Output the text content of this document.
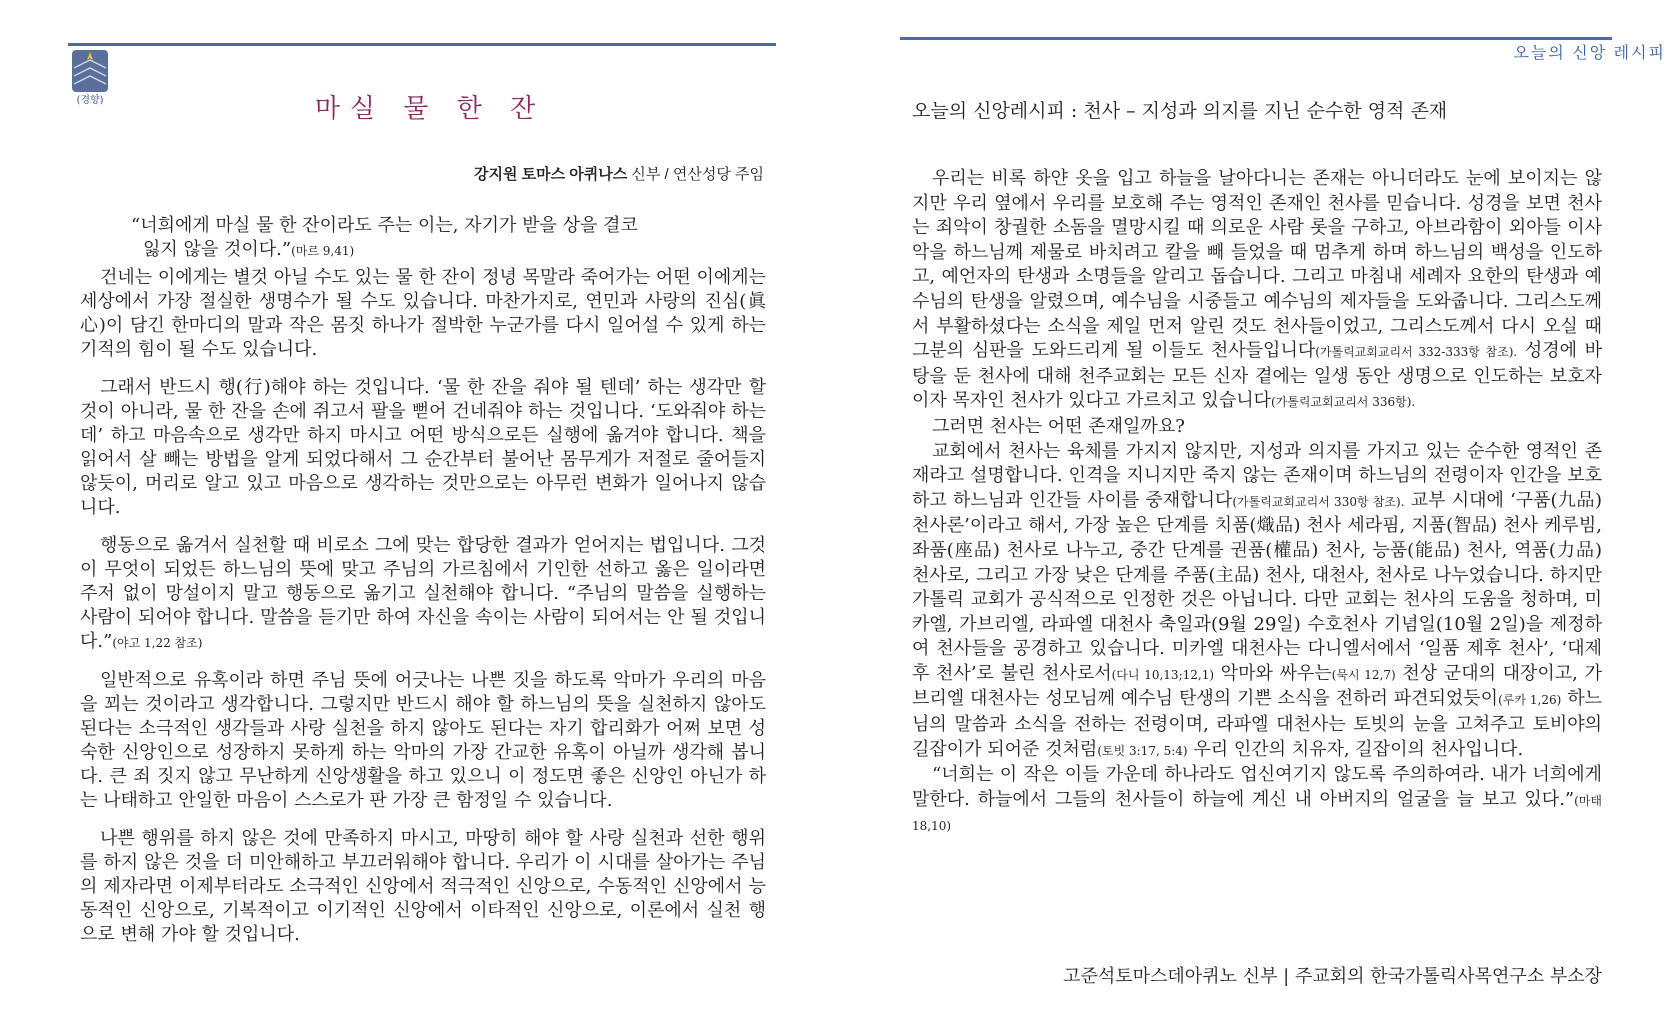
(경향)	마실 물 한 잔
강지원 토마스 아퀴나스 신부 / 연산성당 주임
“너희에게 마실 물 한 잔이라도 주는 이는, 자기가 받을 상을 결코
잃지 않을 것이다.”(마르 9,41)

건네는 이에게는 별것 아닐 수도 있는 물 한 잔이 정녕 목말라 죽어가는 어떤 이에게는 세상에서 가장 절실한 생명수가 될 수도 있습니다. 마찬가지로, 연민과 사랑의 진심(眞心)이 담긴 한마디의 말과 작은 몸짓 하나가 절박한 누군가를 다시 일어설 수 있게 하는 기적의 힘이 될 수도 있습니다.

그래서 반드시 행(行)해야 하는 것입니다. ‘물 한 잔을 줘야 될 텐데’ 하는 생각만 할 것이 아니라, 물 한 잔을 손에 쥐고서 팔을 뻗어 건네줘야 하는 것입니다. ‘도와줘야 하는데’ 하고 마음속으로 생각만 하지 마시고 어떤 방식으로든 실행에 옮겨야 합니다. 책을 읽어서 살 빼는 방법을 알게 되었다해서 그 순간부터 불어난 몸무게가 저절로 줄어들지 않듯이, 머리로 알고 있고 마음으로 생각하는 것만으로는 아무런 변화가 일어나지 않습니다.

행동으로 옮겨서 실천할 때 비로소 그에 맞는 합당한 결과가 얻어지는 법입니다. 그것이 무엇이 되었든 하느님의 뜻에 맞고 주님의 가르침에서 기인한 선하고 옳은 일이라면 주저 없이 망설이지 말고 행동으로 옮기고 실천해야 합니다. “주님의 말씀을 실행하는 사람이 되어야 합니다. 말씀을 듣기만 하여 자신을 속이는 사람이 되어서는 안 될 것입니다.”(야고 1,22 참조)

일반적으로 유혹이라 하면 주님 뜻에 어긋나는 나쁜 짓을 하도록 악마가 우리의 마음을 꾀는 것이라고 생각합니다. 그렇지만 반드시 해야 할 하느님의 뜻을 실천하지 않아도 된다는 소극적인 생각들과 사랑 실천을 하지 않아도 된다는 자기 합리화가 어쩌 보면 성숙한 신앙인으로 성장하지 못하게 하는 악마의 가장 간교한 유혹이 아닐까 생각해 봅니다. 큰 죄 짓지 않고 무난하게 신앙생활을 하고 있으니 이 정도면 좋은 신앙인 아닌가 하는 나태하고 안일한 마음이 스스로가 판 가장 큰 함정일 수 있습니다.

나쁜 행위를 하지 않은 것에 만족하지 마시고, 마땅히 해야 할 사랑 실천과 선한 행위를 하지 않은 것을 더 미안해하고 부끄러워해야 합니다. 우리가 이 시대를 살아가는 주님의 제자라면 이제부터라도 소극적인 신앙에서 적극적인 신앙으로, 수동적인 신앙에서 능동적인 신앙으로, 기복적이고 이기적인 신앙에서 이타적인 신앙으로, 이론에서 실천 행으로 변해 가야 할 것입니다.

오늘의 신앙 레시피
오늘의 신앙레시피 : 천사 – 지성과 의지를 지닌 순수한 영적 존재

우리는 비록 하얀 옷을 입고 하늘을 날아다니는 존재는 아니더라도 눈에 보이지는 않지만 우리 옆에서 우리를 보호해 주는 영적인 존재인 천사를 믿습니다. 성경을 보면 천사는 죄악이 창궐한 소돔을 멸망시킬 때 의로운 사람 롯을 구하고, 아브라함이 외아들 이사악을 하느님께 제물로 바치려고 칼을 빼 들었을 때 멈추게 하며 하느님의 백성을 인도하고, 예언자의 탄생과 소명들을 알리고 돕습니다. 그리고 마침내 세례자 요한의 탄생과 예수님의 탄생을 알렸으며, 예수님을 시중들고 예수님의 제자들을 도와줍니다. 그리스도께서 부활하셨다는 소식을 제일 먼저 알린 것도 천사들이었고, 그리스도께서 다시 오실 때 그분의 심판을 도와드리게 될 이들도 천사들입니다(가톨릭교회교리서 332-333항 참조). 성경에 바탕을 둔 천사에 대해 천주교회는 모든 신자 곁에는 일생 동안 생명으로 인도하는 보호자이자 목자인 천사가 있다고 가르치고 있습니다(가톨릭교회교리서 336항).

그러면 천사는 어떤 존재일까요?

교회에서 천사는 육체를 가지지 않지만, 지성과 의지를 가지고 있는 순수한 영적인 존재라고 설명합니다. 인격을 지니지만 죽지 않는 존재이며 하느님의 전령이자 인간을 보호하고 하느님과 인간들 사이를 중재합니다(가톨릭교회교리서 330항 참조). 교부 시대에 ‘구품(九品) 천사론’이라고 해서, 가장 높은 단계를 치품(熾品) 천사 세라핌, 지품(智品) 천사 케루빔, 좌품(座品) 천사로 나누고, 중간 단계를 권품(權品) 천사, 능품(能品) 천사, 역품(力品) 천사로, 그리고 가장 낮은 단계를 주품(主品) 천사, 대천사, 천사로 나누었습니다. 하지만 가톨릭 교회가 공식적으로 인정한 것은 아닙니다. 다만 교회는 천사의 도움을 청하며, 미카엘, 가브리엘, 라파엘 대천사 축일과(9월 29일) 수호천사 기념일(10월 2일)을 제정하여 천사들을 공경하고 있습니다. 미카엘 대천사는 다니엘서에서 ‘일품 제후 천사’, ‘대제후 천사’로 불린 천사로서(다니 10,13;12,1) 악마와 싸우는(묵시 12,7) 천상 군대의 대장이고, 가브리엘 대천사는 성모님께 예수님 탄생의 기쁜 소식을 전하러 파견되었듯이(루카 1,26) 하느님의 말씀과 소식을 전하는 전령이며, 라파엘 대천사는 토빗의 눈을 고쳐주고 토비야의 길잡이가 되어준 것처럼(토빗 3:17, 5:4) 우리 인간의 치유자, 길잡이의 천사입니다.

“너희는 이 작은 이들 가운데 하나라도 업신여기지 않도록 주의하여라. 내가 너희에게 말한다. 하늘에서 그들의 천사들이 하늘에 계신 내 아버지의 얼굴을 늘 보고 있다.”(마태 18,10)

고준석토마스데아퀴노 신부 | 주교회의 한국가톨릭사목연구소 부소장
